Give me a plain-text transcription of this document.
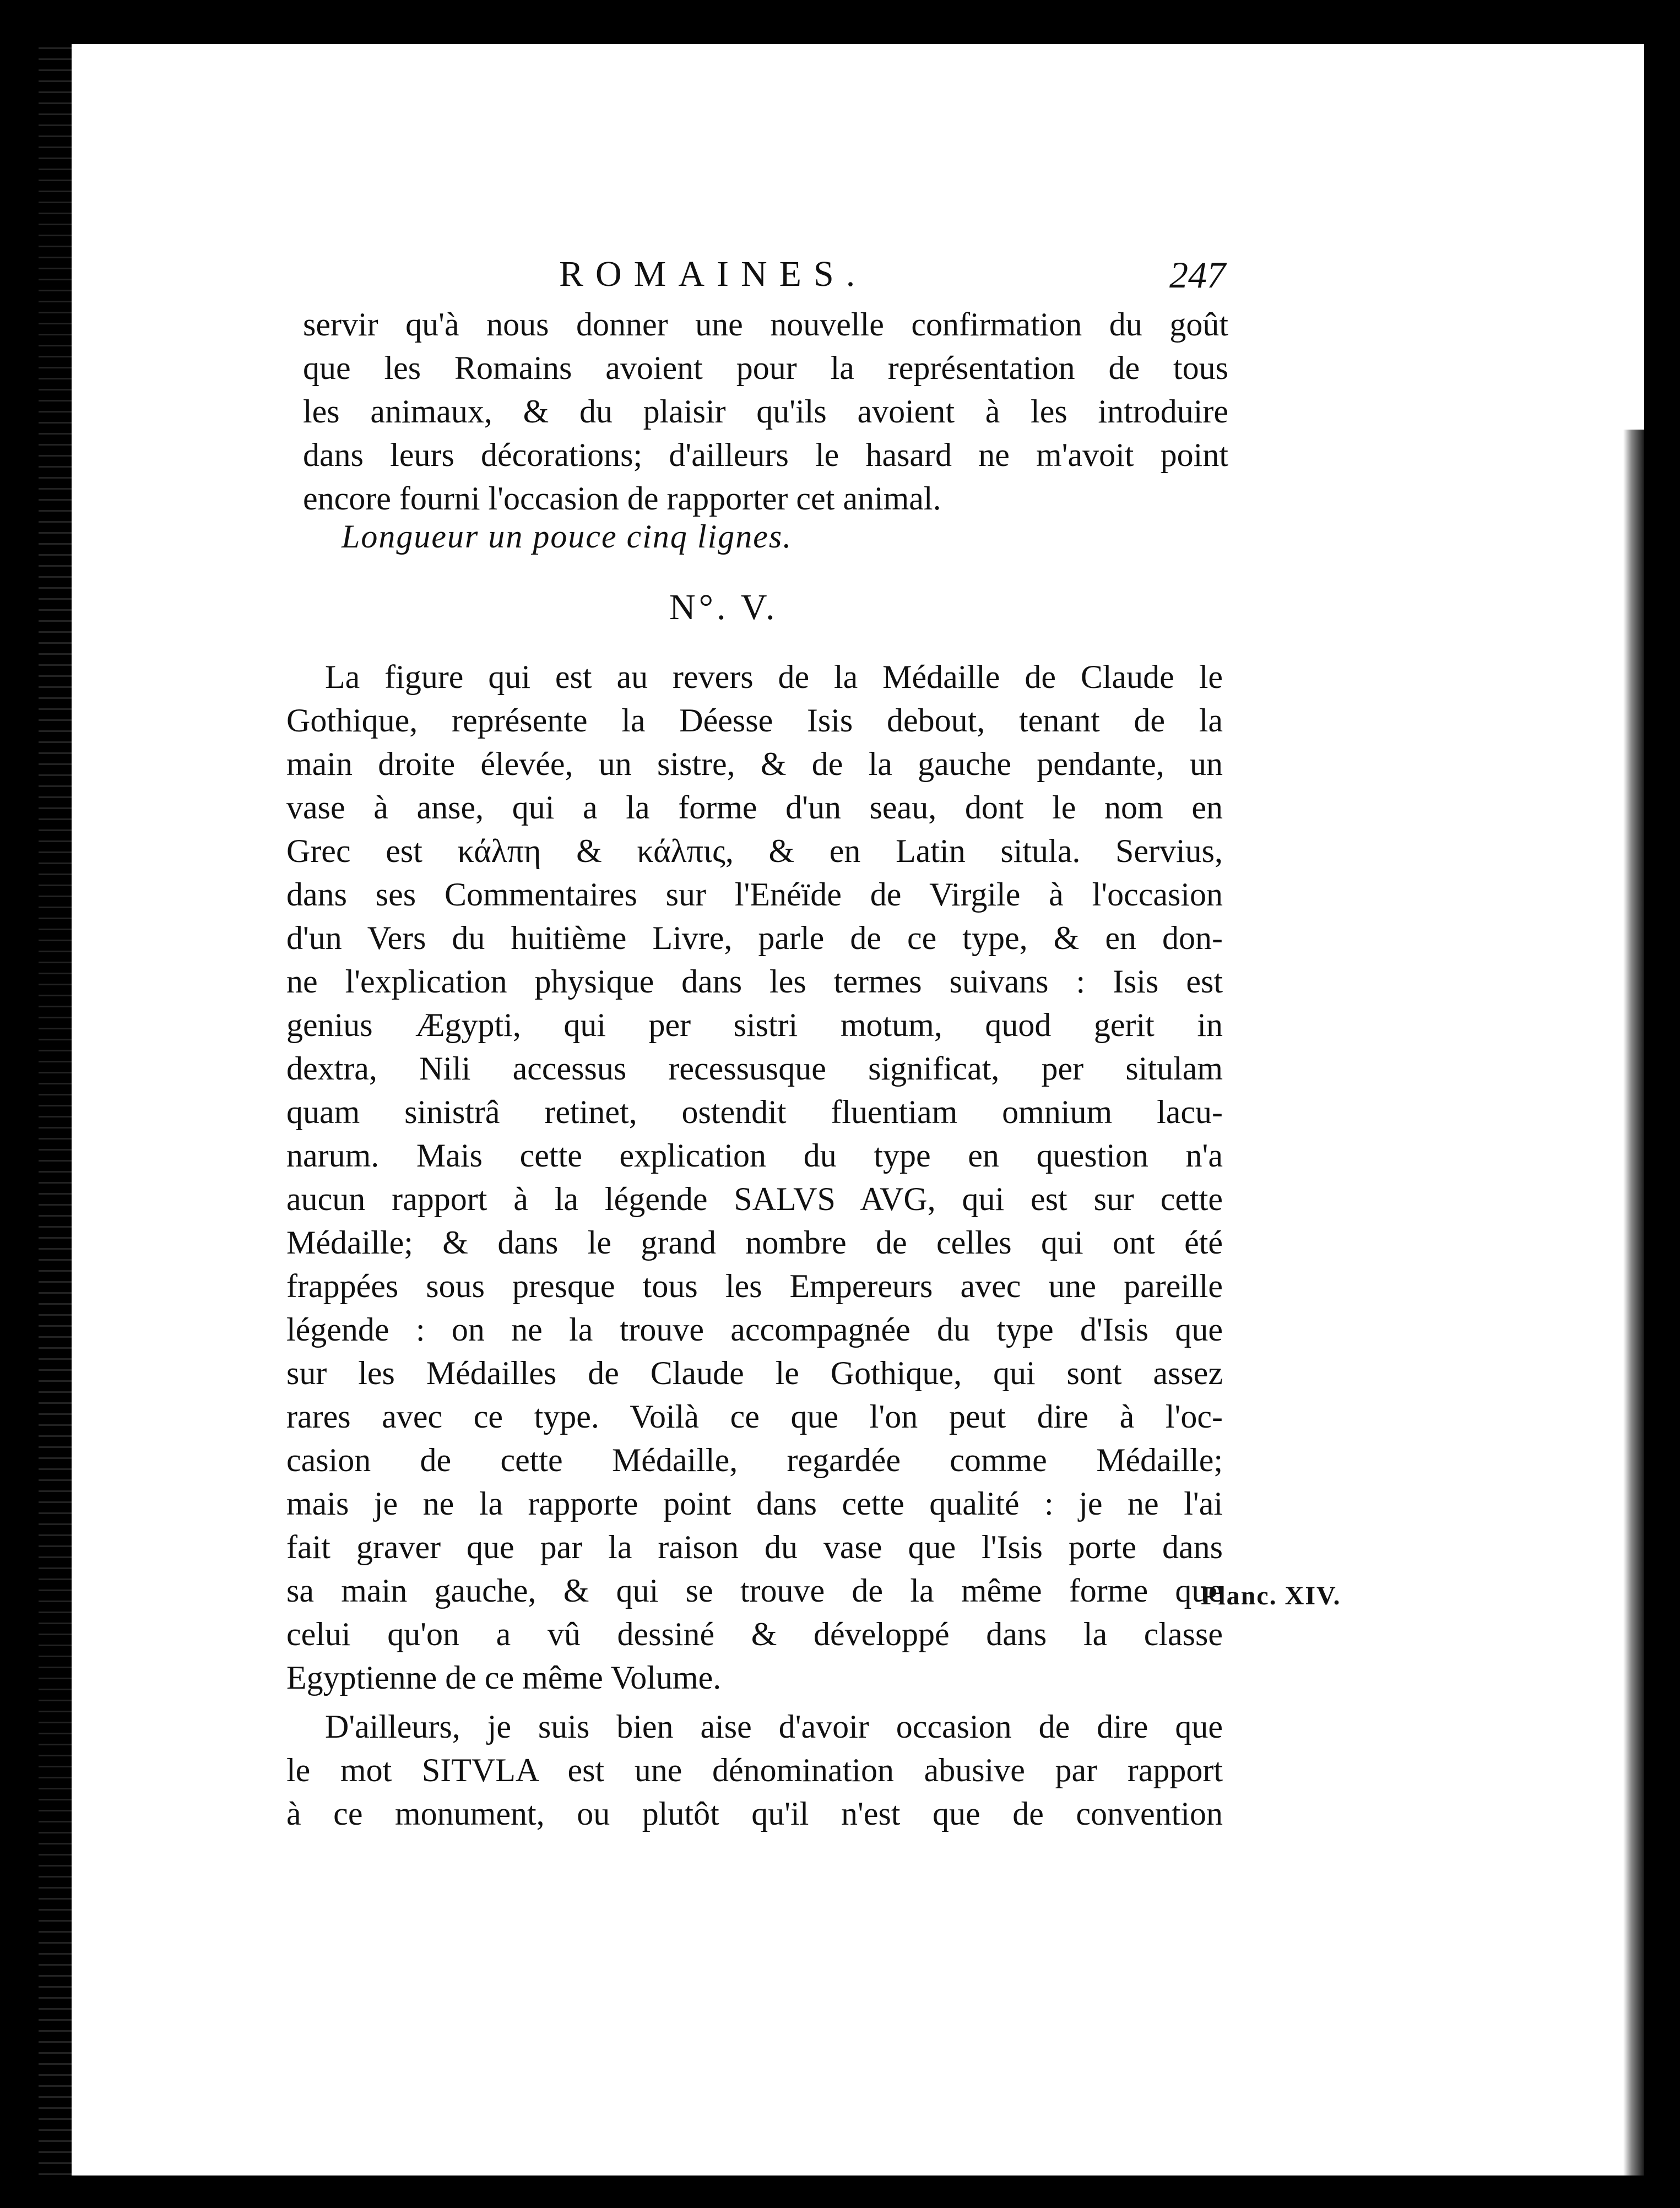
ROMAINES.	247
servir qu'à nous donner une nouvelle confirmation du goût
que les Romains avoient pour la représentation de tous
les animaux, & du plaisir qu'ils avoient à les introduire
dans leurs décorations; d'ailleurs le hasard ne m'avoit point
encore fourni l'occasion de rapporter cet animal.
Longueur un pouce cinq lignes.
N°. V.
La figure qui est au revers de la Médaille de Claude le
Gothique, représente la Déesse Isis debout, tenant de la
main droite élevée, un sistre, & de la gauche pendante, un
vase à anse, qui a la forme d'un seau, dont le nom en
Grec est κάλπη & κάλπις, & en Latin situla. Servius,
dans ses Commentaires sur l'Enéïde de Virgile à l'occasion
d'un Vers du huitième Livre, parle de ce type, & en don-
ne l'explication physique dans les termes suivans : Isis est
genius Ægypti, qui per sistri motum, quod gerit in
dextra, Nili accessus recessusque significat, per situlam
quam sinistrâ retinet, ostendit fluentiam omnium lacu-
narum. Mais cette explication du type en question n'a
aucun rapport à la légende SALVS AVG, qui est sur cette
Médaille; & dans le grand nombre de celles qui ont été
frappées sous presque tous les Empereurs avec une pareille
légende : on ne la trouve accompagnée du type d'Isis que
sur les Médailles de Claude le Gothique, qui sont assez
rares avec ce type. Voilà ce que l'on peut dire à l'oc-
casion de cette Médaille, regardée comme Médaille;
mais je ne la rapporte point dans cette qualité : je ne l'ai
fait graver que par la raison du vase que l'Isis porte dans
sa main gauche, & qui se trouve de la même forme que
celui qu'on a vû dessiné & développé dans la classe
Egyptienne de ce même Volume.
D'ailleurs, je suis bien aise d'avoir occasion de dire que
le mot SITVLA est une dénomination abusive par rapport
à ce monument, ou plutôt qu'il n'est que de convention
Planc. XIV.
